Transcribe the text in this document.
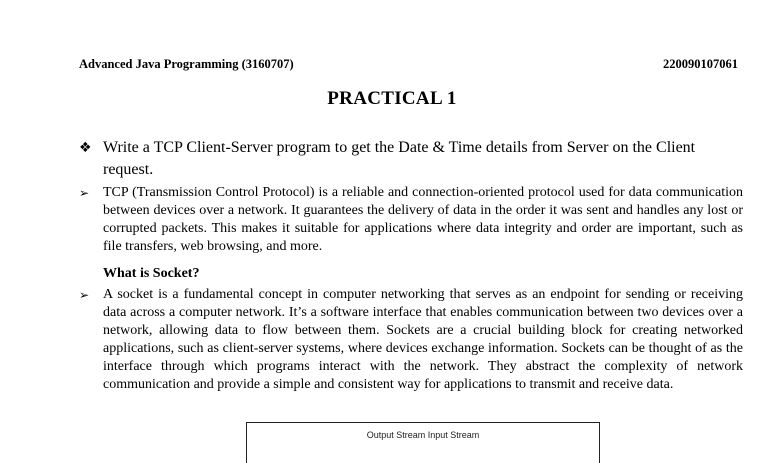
Advanced Java Programming (3160707)	220090107061
PRACTICAL 1
❖ Write a TCP Client-Server program to get the Date & Time details from Server on the Client request.
➢ TCP (Transmission Control Protocol) is a reliable and connection-oriented protocol used for data communication between devices over a network. It guarantees the delivery of data in the order it was sent and handles any lost or corrupted packets. This makes it suitable for applications where data integrity and order are important, such as file transfers, web browsing, and more.
What is Socket?
➢ A socket is a fundamental concept in computer networking that serves as an endpoint for sending or receiving data across a computer network. It’s a software interface that enables communication between two devices over a network, allowing data to flow between them. Sockets are a crucial building block for creating networked applications, such as client-server systems, where devices exchange information. Sockets can be thought of as the interface through which programs interact with the network. They abstract the complexity of network communication and provide a simple and consistent way for applications to transmit and receive data.
Output Stream Input Stream
